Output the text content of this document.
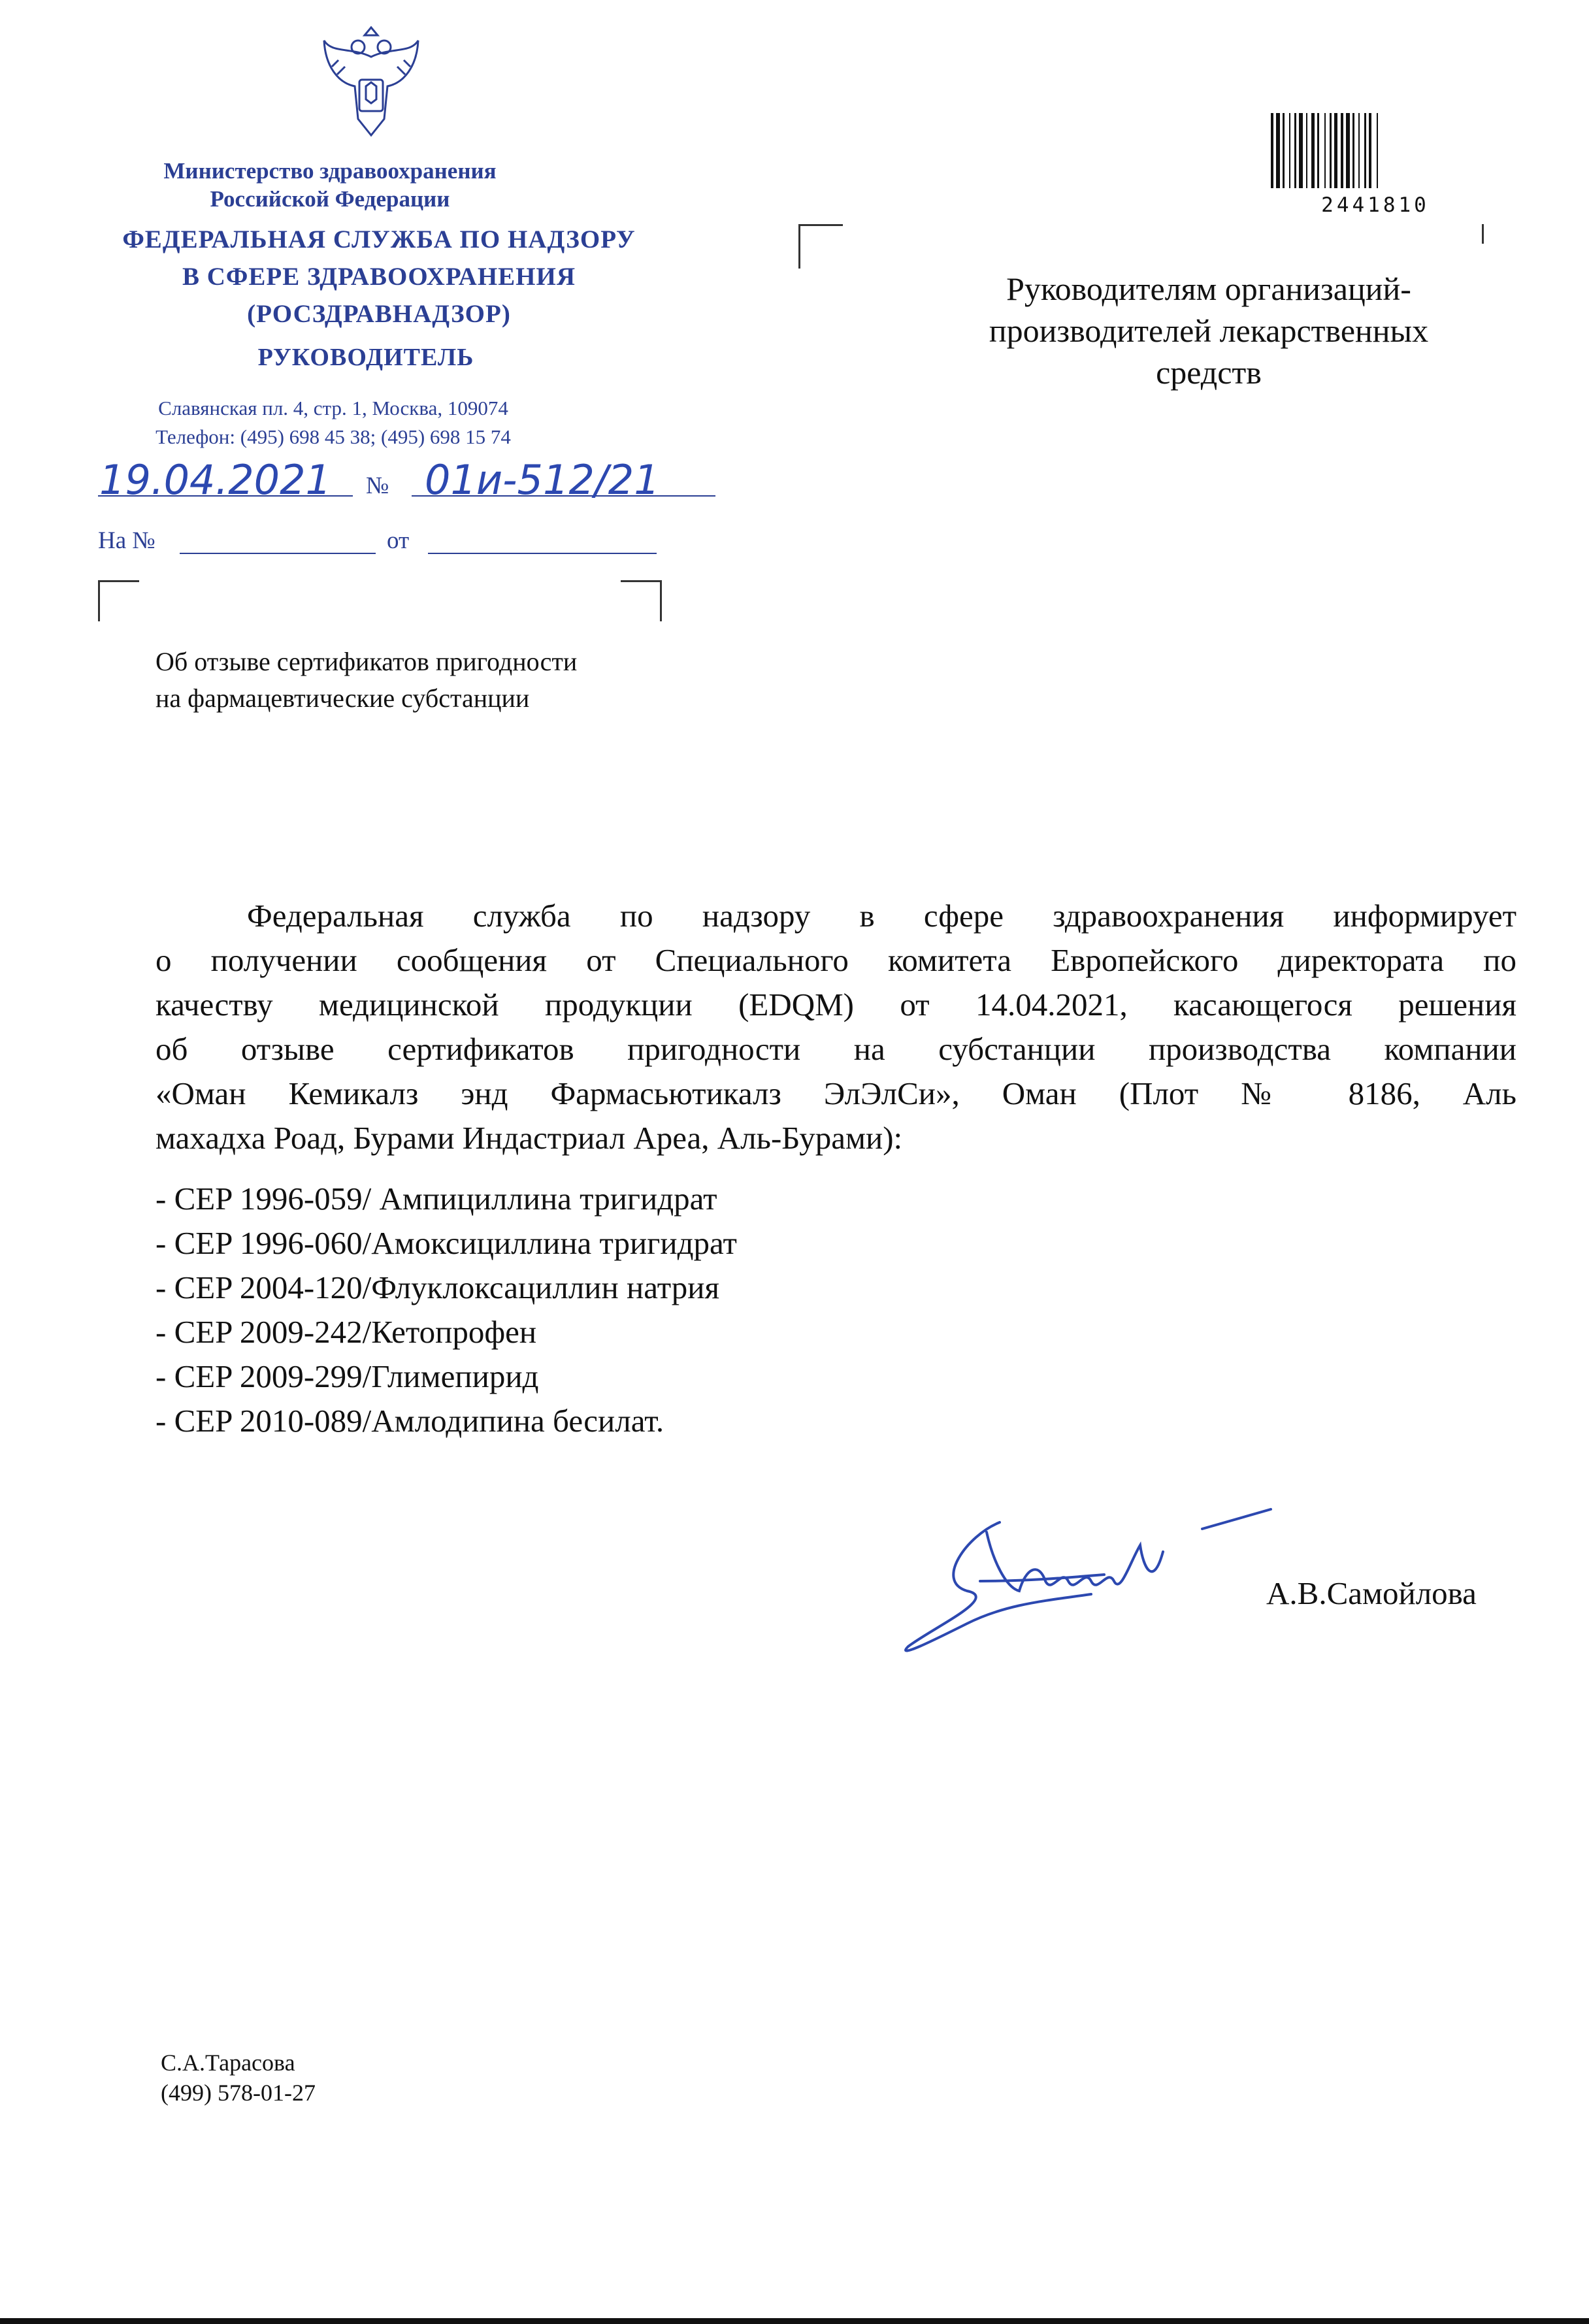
Министерство здравоохранения
Российской Федерации
ФЕДЕРАЛЬНАЯ СЛУЖБА ПО НАДЗОРУ
В СФЕРЕ ЗДРАВООХРАНЕНИЯ
(РОСЗДРАВНАДЗОР)
РУКОВОДИТЕЛЬ
Славянская пл. 4, стр. 1, Москва, 109074
Телефон: (495) 698 45 38; (495) 698 15 74
19.04.2021 № 01и-512/21
На №	от
2441810
Руководителям организаций-
производителей лекарственных
средств
Об отзыве сертификатов пригодности
на фармацевтические субстанции

Федеральная служба по надзору в сфере здравоохранения информирует

о получении сообщения от Специального комитета Европейского директората по

качеству медицинской продукции (EDQM) от 14.04.2021, касающегося решения

об отзыве сертификатов пригодности на субстанции производства компании

«Оман Кемикалз энд Фармасьютикалз ЭлЭлСи», Оман (Плот № 8186, Аль

махадха Роад, Бурами Индастриал Ареа, Аль-Бурами):

- CEP 1996-059/ Ампициллина тригидрат
- CEP 1996-060/Амоксициллина тригидрат
- CEP 2004-120/Флуклоксациллин натрия
- CEP 2009-242/Кетопрофен
- CEP 2009-299/Глимепирид
- CEP 2010-089/Амлодипина бесилат.
А.В.Самойлова
С.А.Тарасова
(499) 578-01-27
